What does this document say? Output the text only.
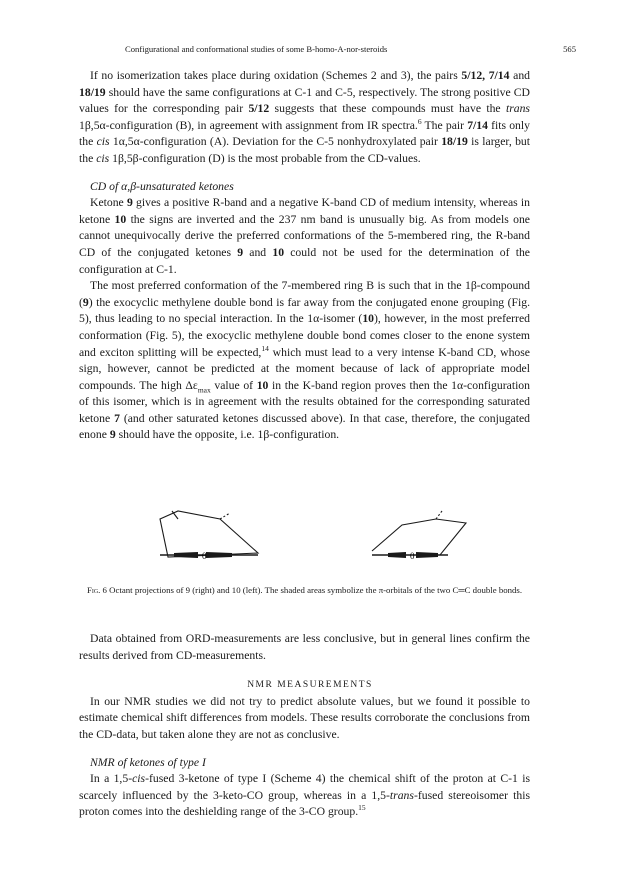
Configurational and conformational studies of some B-homo-A-nor-steroids	565

If no isomerization takes place during oxidation (Schemes 2 and 3), the pairs 5/12, 7/14 and 18/19 should have the same configurations at C-1 and C-5, respectively. The strong positive CD values for the corresponding pair 5/12 suggests that these compounds must have the trans 1β,5α-configuration (B), in agreement with assignment from IR spectra.$^6$ The pair 7/14 fits only the cis 1α,5α-configuration (A). Deviation for the C-5 nonhydroxylated pair 18/19 is larger, but the cis 1β,5β-configuration (D) is the most probable from the CD-values.

CD of α,β-unsaturated ketones

Ketone 9 gives a positive R-band and a negative K-band CD of medium intensity, whereas in ketone 10 the signs are inverted and the 237 nm band is unusually big. As from models one cannot unequivocally derive the preferred conformations of the 5-membered ring, the R-band CD of the conjugated ketones 9 and 10 could not be used for the determination of the configuration at C-1.

The most preferred conformation of the 7-membered ring B is such that in the 1β-compound (9) the exocyclic methylene double bond is far away from the conjugated enone grouping (Fig. 5), thus leading to no special interaction. In the 1α-isomer (10), however, in the most preferred conformation (Fig. 5), the exocyclic methylene double bond comes closer to the enone system and exciton splitting will be expected,$^{14}$ which must lead to a very intense K-band CD, whose sign, however, cannot be predicted at the moment because of lack of appropriate model compounds. The high $\Delta\varepsilon_{max}$ value of 10 in the K-band region proves then the 1α-configuration of this isomer, which is in agreement with the results obtained for the corresponding saturated ketone 7 (and other saturated ketones discussed above). In that case, therefore, the conjugated enone 9 should have the opposite, i.e. 1β-configuration.

0	0
Fig. 6 Octant projections of 9 (right) and 10 (left). The shaded areas symbolize the π-orbitals of the two C═C double bonds.

Data obtained from ORD-measurements are less conclusive, but in general lines confirm the results derived from CD-measurements.

NMR MEASUREMENTS

In our NMR studies we did not try to predict absolute values, but we found it possible to estimate chemical shift differences from models. These results corroborate the conclusions from the CD-data, but taken alone they are not as conclusive.

NMR of ketones of type I

In a 1,5-cis-fused 3-ketone of type I (Scheme 4) the chemical shift of the proton at C-1 is scarcely influenced by the 3-keto-CO group, whereas in a 1,5-trans-fused stereoisomer this proton comes into the deshielding range of the 3-CO group.$^{15}$
